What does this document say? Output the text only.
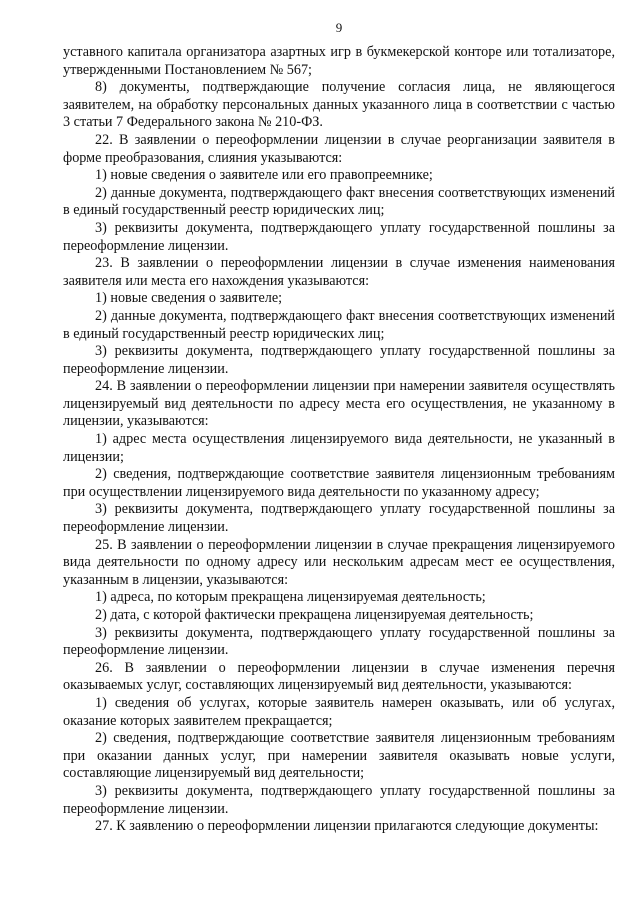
9

уставного капитала организатора азартных игр в букмекерской конторе или тотализаторе, утвержденными Постановлением № 567;

8) документы, подтверждающие получение согласия лица, не являющегося заявителем, на обработку персональных данных указанного лица в соответствии с частью 3 статьи 7 Федерального закона № 210-ФЗ.

22. В заявлении о переоформлении лицензии в случае реорганизации заявителя в форме преобразования, слияния указываются:

1) новые сведения о заявителе или его правопреемнике;

2) данные документа, подтверждающего факт внесения соответствующих изменений в единый государственный реестр юридических лиц;

3) реквизиты документа, подтверждающего уплату государственной пошлины за переоформление лицензии.

23. В заявлении о переоформлении лицензии в случае изменения наименования заявителя или места его нахождения указываются:

1) новые сведения о заявителе;

2) данные документа, подтверждающего факт внесения соответствующих изменений в единый государственный реестр юридических лиц;

3) реквизиты документа, подтверждающего уплату государственной пошлины за переоформление лицензии.

24. В заявлении о переоформлении лицензии при намерении заявителя осуществлять лицензируемый вид деятельности по адресу места его осуществления, не указанному в лицензии, указываются:

1) адрес места осуществления лицензируемого вида деятельности, не указанный в лицензии;

2) сведения, подтверждающие соответствие заявителя лицензионным требованиям при осуществлении лицензируемого вида деятельности по указанному адресу;

3) реквизиты документа, подтверждающего уплату государственной пошлины за переоформление лицензии.

25. В заявлении о переоформлении лицензии в случае прекращения лицензируемого вида деятельности по одному адресу или нескольким адресам мест ее осуществления, указанным в лицензии, указываются:

1) адреса, по которым прекращена лицензируемая деятельность;

2) дата, с которой фактически прекращена лицензируемая деятельность;

3) реквизиты документа, подтверждающего уплату государственной пошлины за переоформление лицензии.

26. В заявлении о переоформлении лицензии в случае изменения перечня оказываемых услуг, составляющих лицензируемый вид деятельности, указываются:

1) сведения об услугах, которые заявитель намерен оказывать, или об услугах, оказание которых заявителем прекращается;

2) сведения, подтверждающие соответствие заявителя лицензионным требованиям при оказании данных услуг, при намерении заявителя оказывать новые услуги, составляющие лицензируемый вид деятельности;

3) реквизиты документа, подтверждающего уплату государственной пошлины за переоформление лицензии.

27. К заявлению о переоформлении лицензии прилагаются следующие документы:
